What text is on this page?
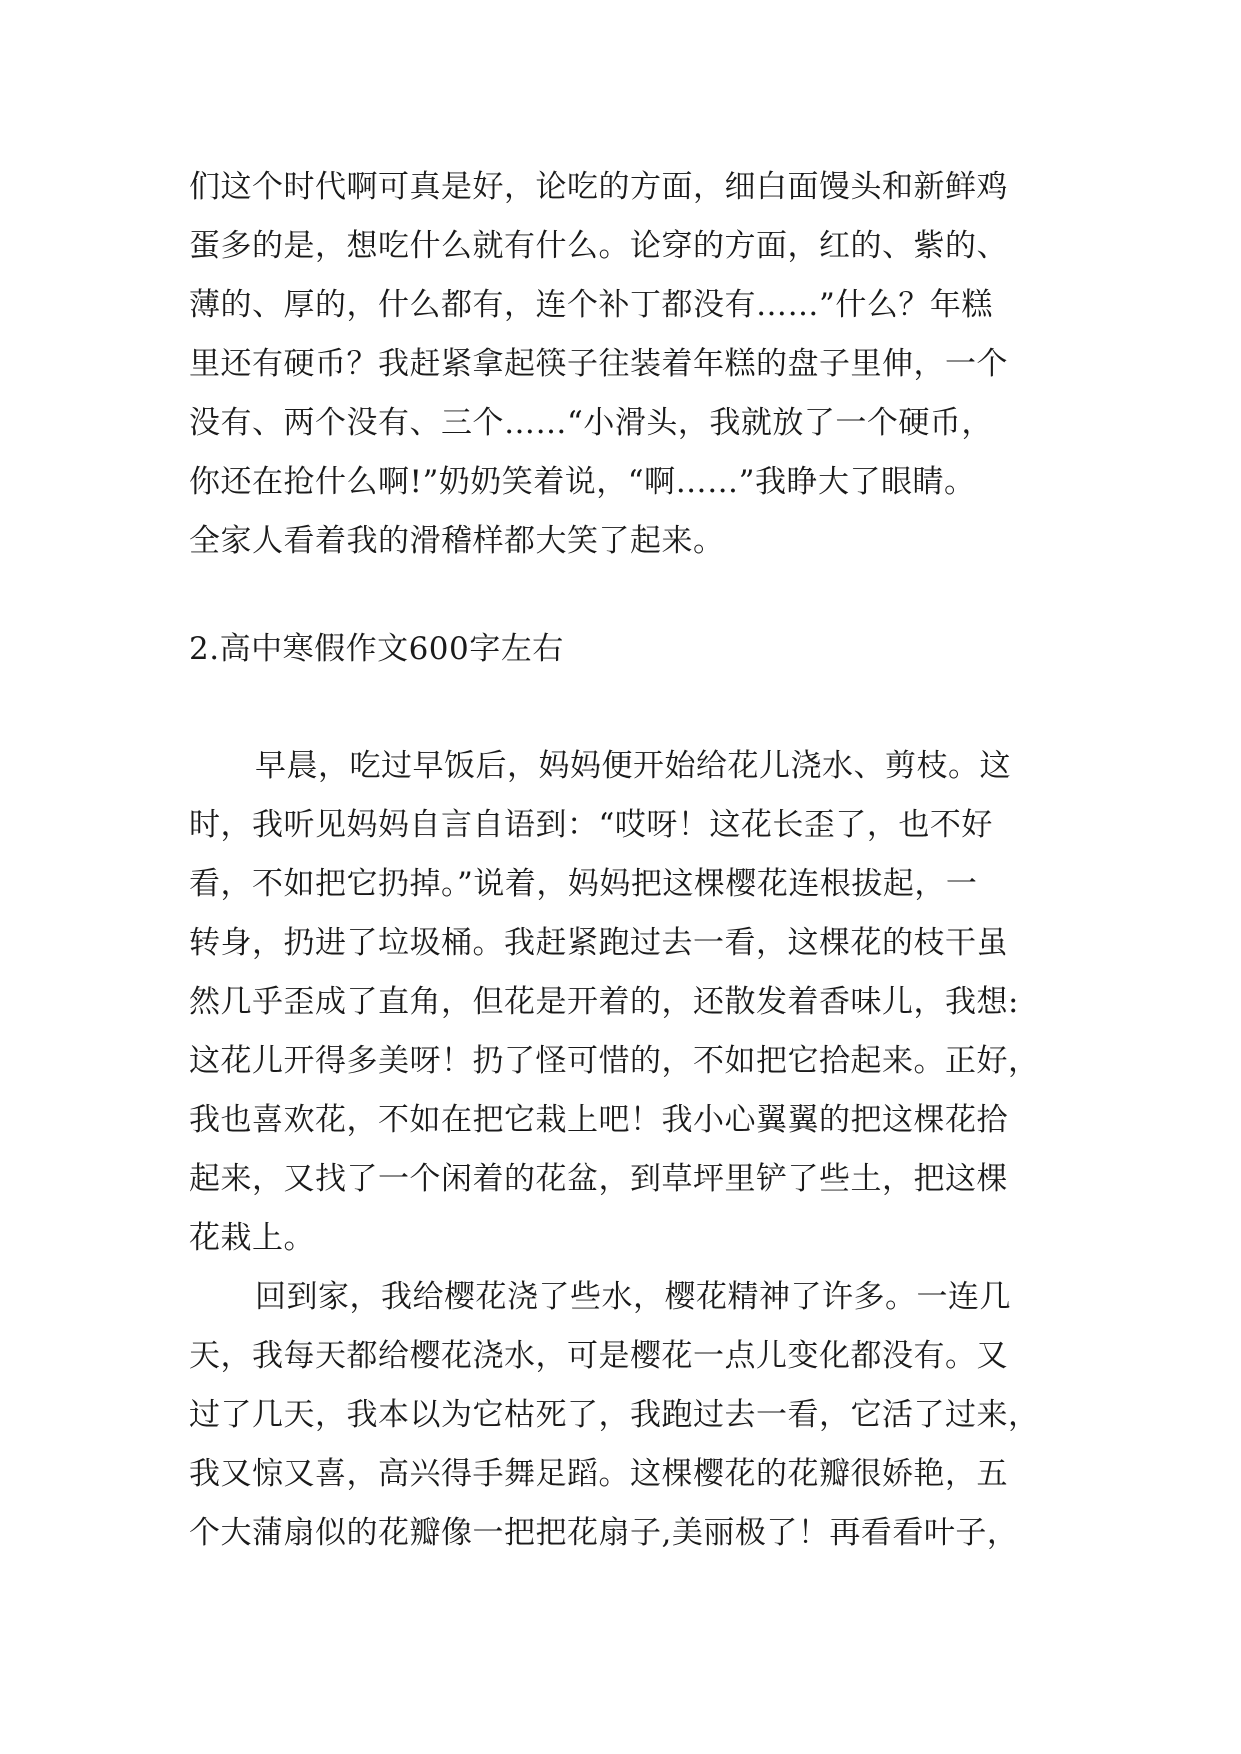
们这个时代啊可真是好，论吃的方面，细白面馒头和新鲜鸡
蛋多的是，想吃什么就有什么。论穿的方面，红的、紫的、
薄的、厚的，什么都有，连个补丁都没有……”什么？年糕
里还有硬币？我赶紧拿起筷子往装着年糕的盘子里伸，一个
没有、两个没有、三个……“小滑头，我就放了一个硬币，
你还在抢什么啊!”奶奶笑着说，“啊……”我睁大了眼睛。
全家人看着我的滑稽样都大笑了起来。
2.高中寒假作文600字左右
早晨，吃过早饭后，妈妈便开始给花儿浇水、剪枝。这
时，我听见妈妈自言自语到：“哎呀！这花长歪了，也不好
看，不如把它扔掉。”说着，妈妈把这棵樱花连根拔起，一
转身，扔进了垃圾桶。我赶紧跑过去一看，这棵花的枝干虽
然几乎歪成了直角，但花是开着的，还散发着香味儿，我想:
这花儿开得多美呀！扔了怪可惜的，不如把它拾起来。正好，
我也喜欢花，不如在把它栽上吧！我小心翼翼的把这棵花拾
起来，又找了一个闲着的花盆，到草坪里铲了些土，把这棵
花栽上。
回到家，我给樱花浇了些水，樱花精神了许多。一连几
天，我每天都给樱花浇水，可是樱花一点儿变化都没有。又
过了几天，我本以为它枯死了，我跑过去一看，它活了过来，
我又惊又喜，高兴得手舞足蹈。这棵樱花的花瓣很娇艳，五
个大蒲扇似的花瓣像一把把花扇子,美丽极了！再看看叶子，
